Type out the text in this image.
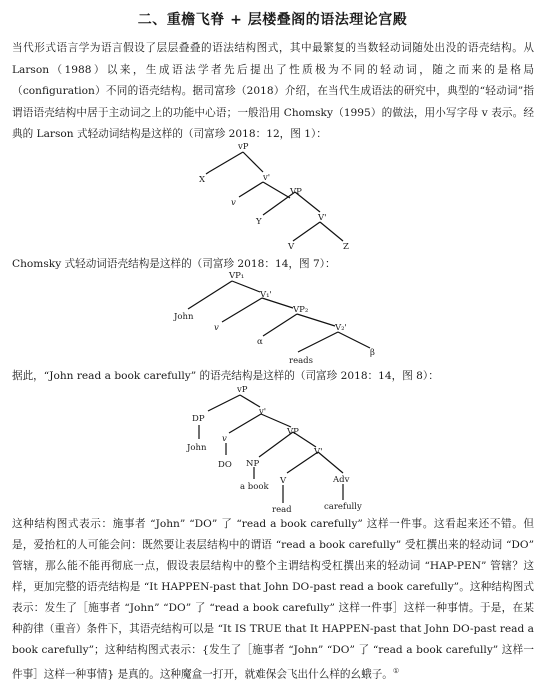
二、重檐飞脊 + 层楼叠阁的语法理论宫殿

当代形式语言学为语言假设了层层叠叠的语法结构图式，其中最繁复的当数轻动词随处出没的语壳结构。从 Larson（1988）以来，生成语法学者先后提出了性质极为不同的轻动词，随之而来的是格局（configuration）不同的语壳结构。据司富珍（2018）介绍，在当代生成语法的研究中，典型的“轻动词”指谓语语壳结构中居于主动词之上的功能中心语；一般沿用 Chomsky（1995）的做法，用小写字母 v 表示。经典的 Larson 式轻动词结构是这样的（司富珍 2018：12，图 1）：

vP
X	v'
v
VP
Y	V'
V	Z

Chomsky 式轻动词语壳结构是这样的（司富珍 2018：14，图 7）：

VP₁
John
V₁'
v
VP₂
α
V₂'
reads
β

据此，“John read a book carefully” 的语壳结构是这样的（司富珍 2018：14，图 8）：

vP
DP
John
v'
v
DO
VP
NP
a book
V'
V
read
Adv
carefully

这种结构图式表示：施事者 “John” “DO” 了 “read a book carefully” 这样一件事。这看起来还不错。但是，爱抬杠的人可能会问：既然要让表层结构中的谓语 “read a book carefully” 受杠撰出来的轻动词 “DO” 管辖，那么能不能再彻底一点，假设表层结构中的整个主谓结构受杠撰出来的轻动词 “HAP-PEN” 管辖？这样，更加完整的语壳结构是 “It HAPPEN-past that John DO-past read a book carefully”。这种结构图式表示：发生了［施事者 “John” “DO” 了 “read a book carefully” 这样一件事］这样一种事情。于是，在某种韵律（重音）条件下，其语壳结构可以是 “It IS TRUE that It HAPPEN-past that John DO-past read a book carefully”；这种结构图式表示：{发生了［施事者 “John” “DO” 了 “read a book carefully” 这样一件事］这样一种事情} 是真的。这种魔盒一打开，就难保会飞出什么样的幺蛾子。①
